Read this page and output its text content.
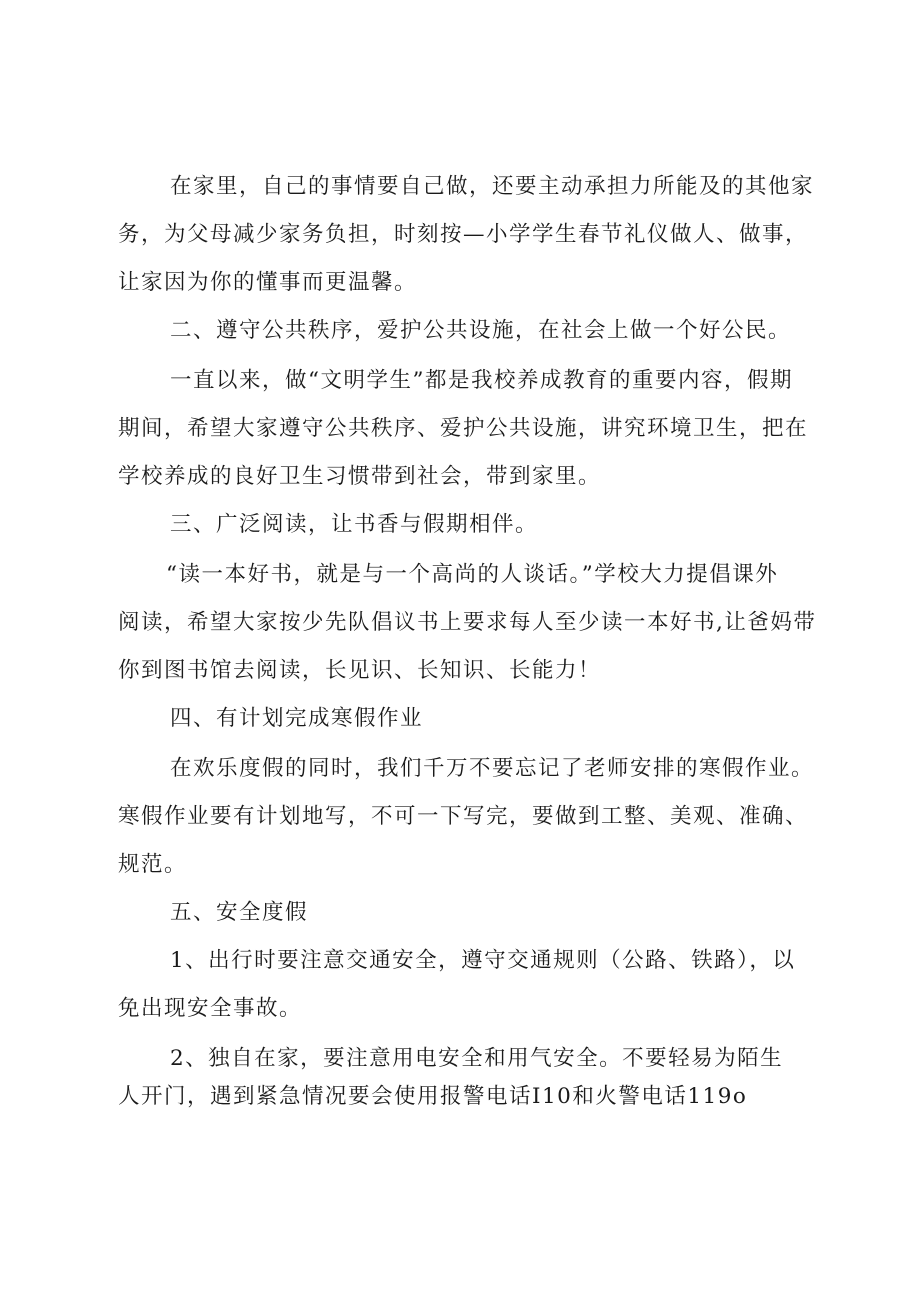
在家里，自己的事情要自己做，还要主动承担力所能及的其他家
务，为父母减少家务负担，时刻按—小学学生春节礼仪做人、做事，
让家因为你的懂事而更温馨。
二、遵守公共秩序，爱护公共设施，在社会上做一个好公民。
一直以来，做“文明学生”都是我校养成教育的重要内容，假期
期间，希望大家遵守公共秩序、爱护公共设施，讲究环境卫生，把在
学校养成的良好卫生习惯带到社会，带到家里。
三、广泛阅读，让书香与假期相伴。
“读一本好书，就是与一个高尚的人谈话。”学校大力提倡课外
阅读，希望大家按少先队倡议书上要求每人至少读一本好书,让爸妈带
你到图书馆去阅读，长见识、长知识、长能力！
四、有计划完成寒假作业
在欢乐度假的同时，我们千万不要忘记了老师安排的寒假作业。
寒假作业要有计划地写，不可一下写完，要做到工整、美观、准确、
规范。
五、安全度假
1、出行时要注意交通安全，遵守交通规则（公路、铁路），以
免出现安全事故。
2、独自在家，要注意用电安全和用气安全。不要轻易为陌生
人开门，遇到紧急情况要会使用报警电话I10和火警电话119o
